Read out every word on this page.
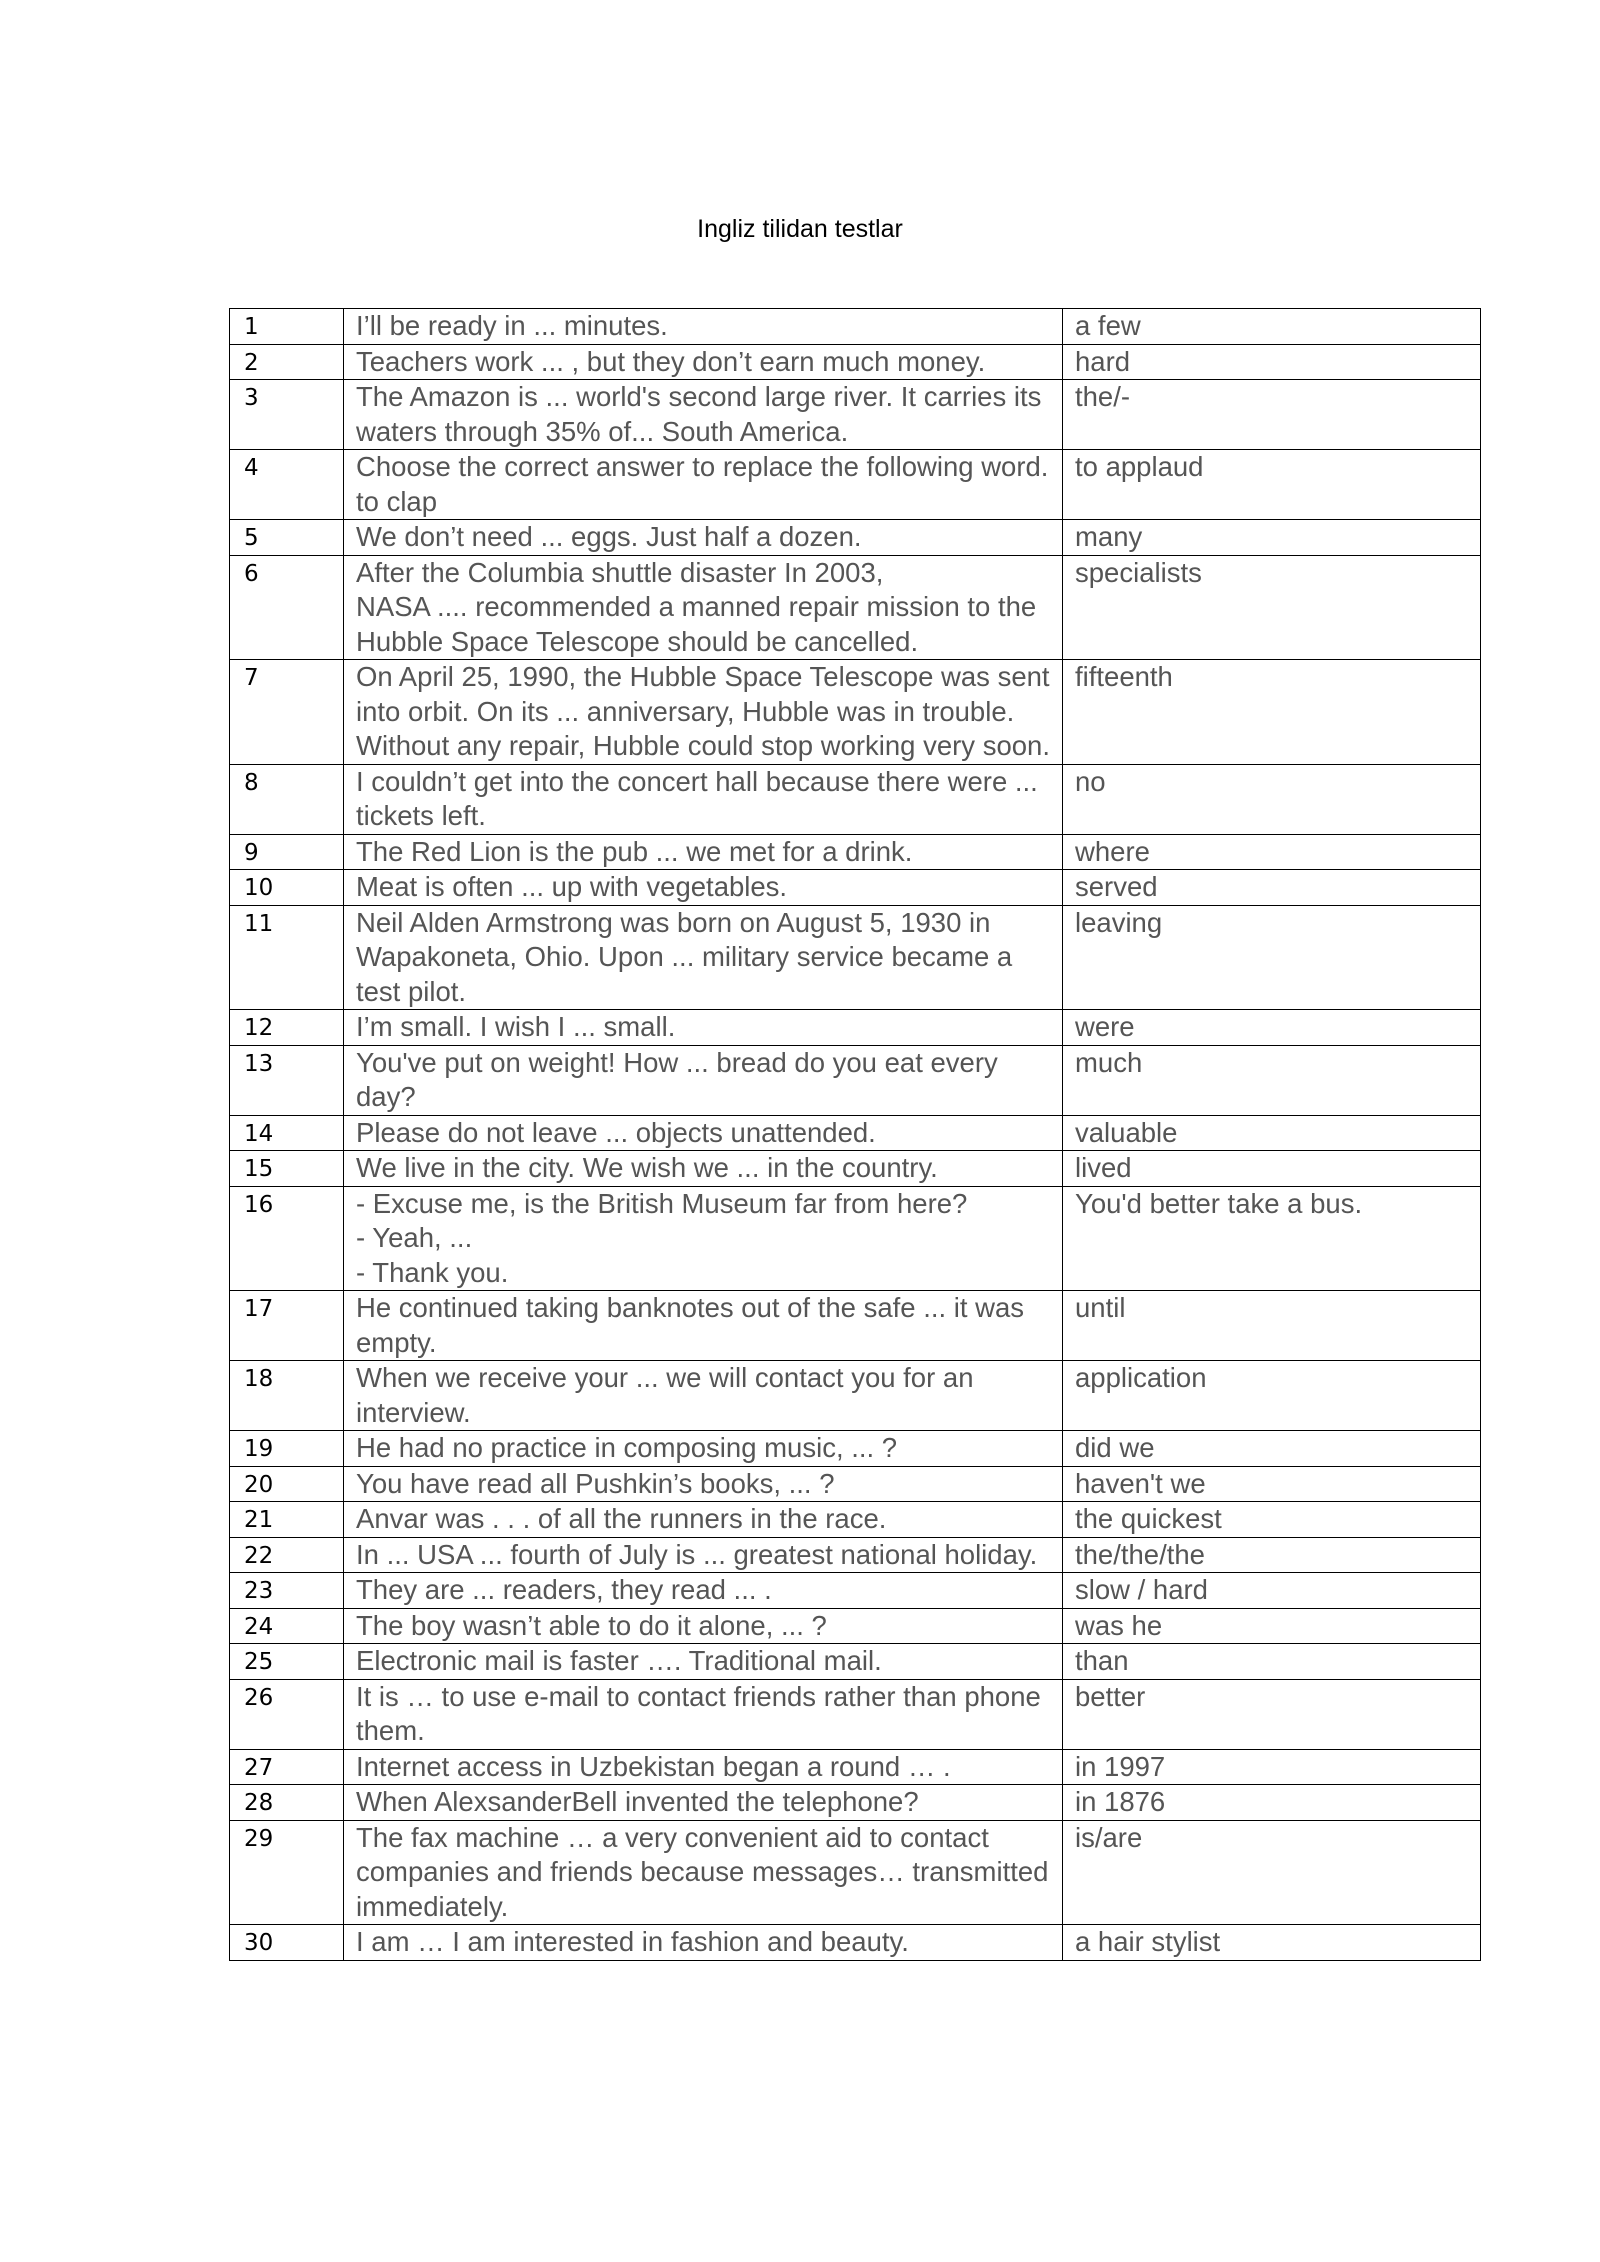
Ingliz tilidan testlar
1	I’ll be ready in ... minutes.	a few
2	Teachers work ... , but they don’t earn much money.	hard
3	The Amazon is ... world's second large river. It carries its waters through 35% of... South America.	the/-
4	Choose the correct answer to replace the following word.
to clap	to applaud
5	We don’t need ... eggs. Just half a dozen.	many
6	After the Columbia shuttle disaster In 2003,
NASA .... recommended a manned repair mission to the Hubble Space Telescope should be cancelled.	specialists
7	On April 25, 1990, the Hubble Space Telescope was sent into orbit. On its ... anniversary, Hubble was in trouble. Without any repair, Hubble could stop working very soon.	fifteenth
8	I couldn’t get into the concert hall because there were ... tickets left.	no
9	The Red Lion is the pub ... we met for a drink.	where
10	Meat is often ... up with vegetables.	served
11	Neil Alden Armstrong was born on August 5, 1930 in Wapakoneta, Ohio. Upon ... military service became a test pilot.	leaving
12	I’m small. I wish I ... small.	were
13	You've put on weight! How ... bread do you eat every day?	much
14	Please do not leave ... objects unattended.	valuable
15	We live in the city. We wish we ... in the country.	lived
16	- Excuse me, is the British Museum far from here?
- Yeah, ...
- Thank you.	You'd better take a bus.
17	He continued taking banknotes out of the safe ... it was empty.	until
18	When we receive your ... we will contact you for an interview.	application
19	He had no practice in composing music, ... ?	did we
20	You have read all Pushkin’s books, ... ?	haven't we
21	Anvar was . . . of all the runners in the race.	the quickest
22	In ... USA ... fourth of July is ... greatest national holiday.	the/the/the
23	They are ... readers, they read ... .	slow / hard
24	The boy wasn’t able to do it alone, ... ?	was he
25	Electronic mail is faster …. Traditional mail.	than
26	It is … to use e-mail to contact friends rather than phone them.	better
27	Internet access in Uzbekistan began a round … .	in 1997
28	When AlexsanderBell invented the telephone?	in 1876
29	The fax machine … a very convenient aid to contact companies and friends because messages… transmitted immediately.	is/are
30	I am … I am interested in fashion and beauty.	a hair stylist
